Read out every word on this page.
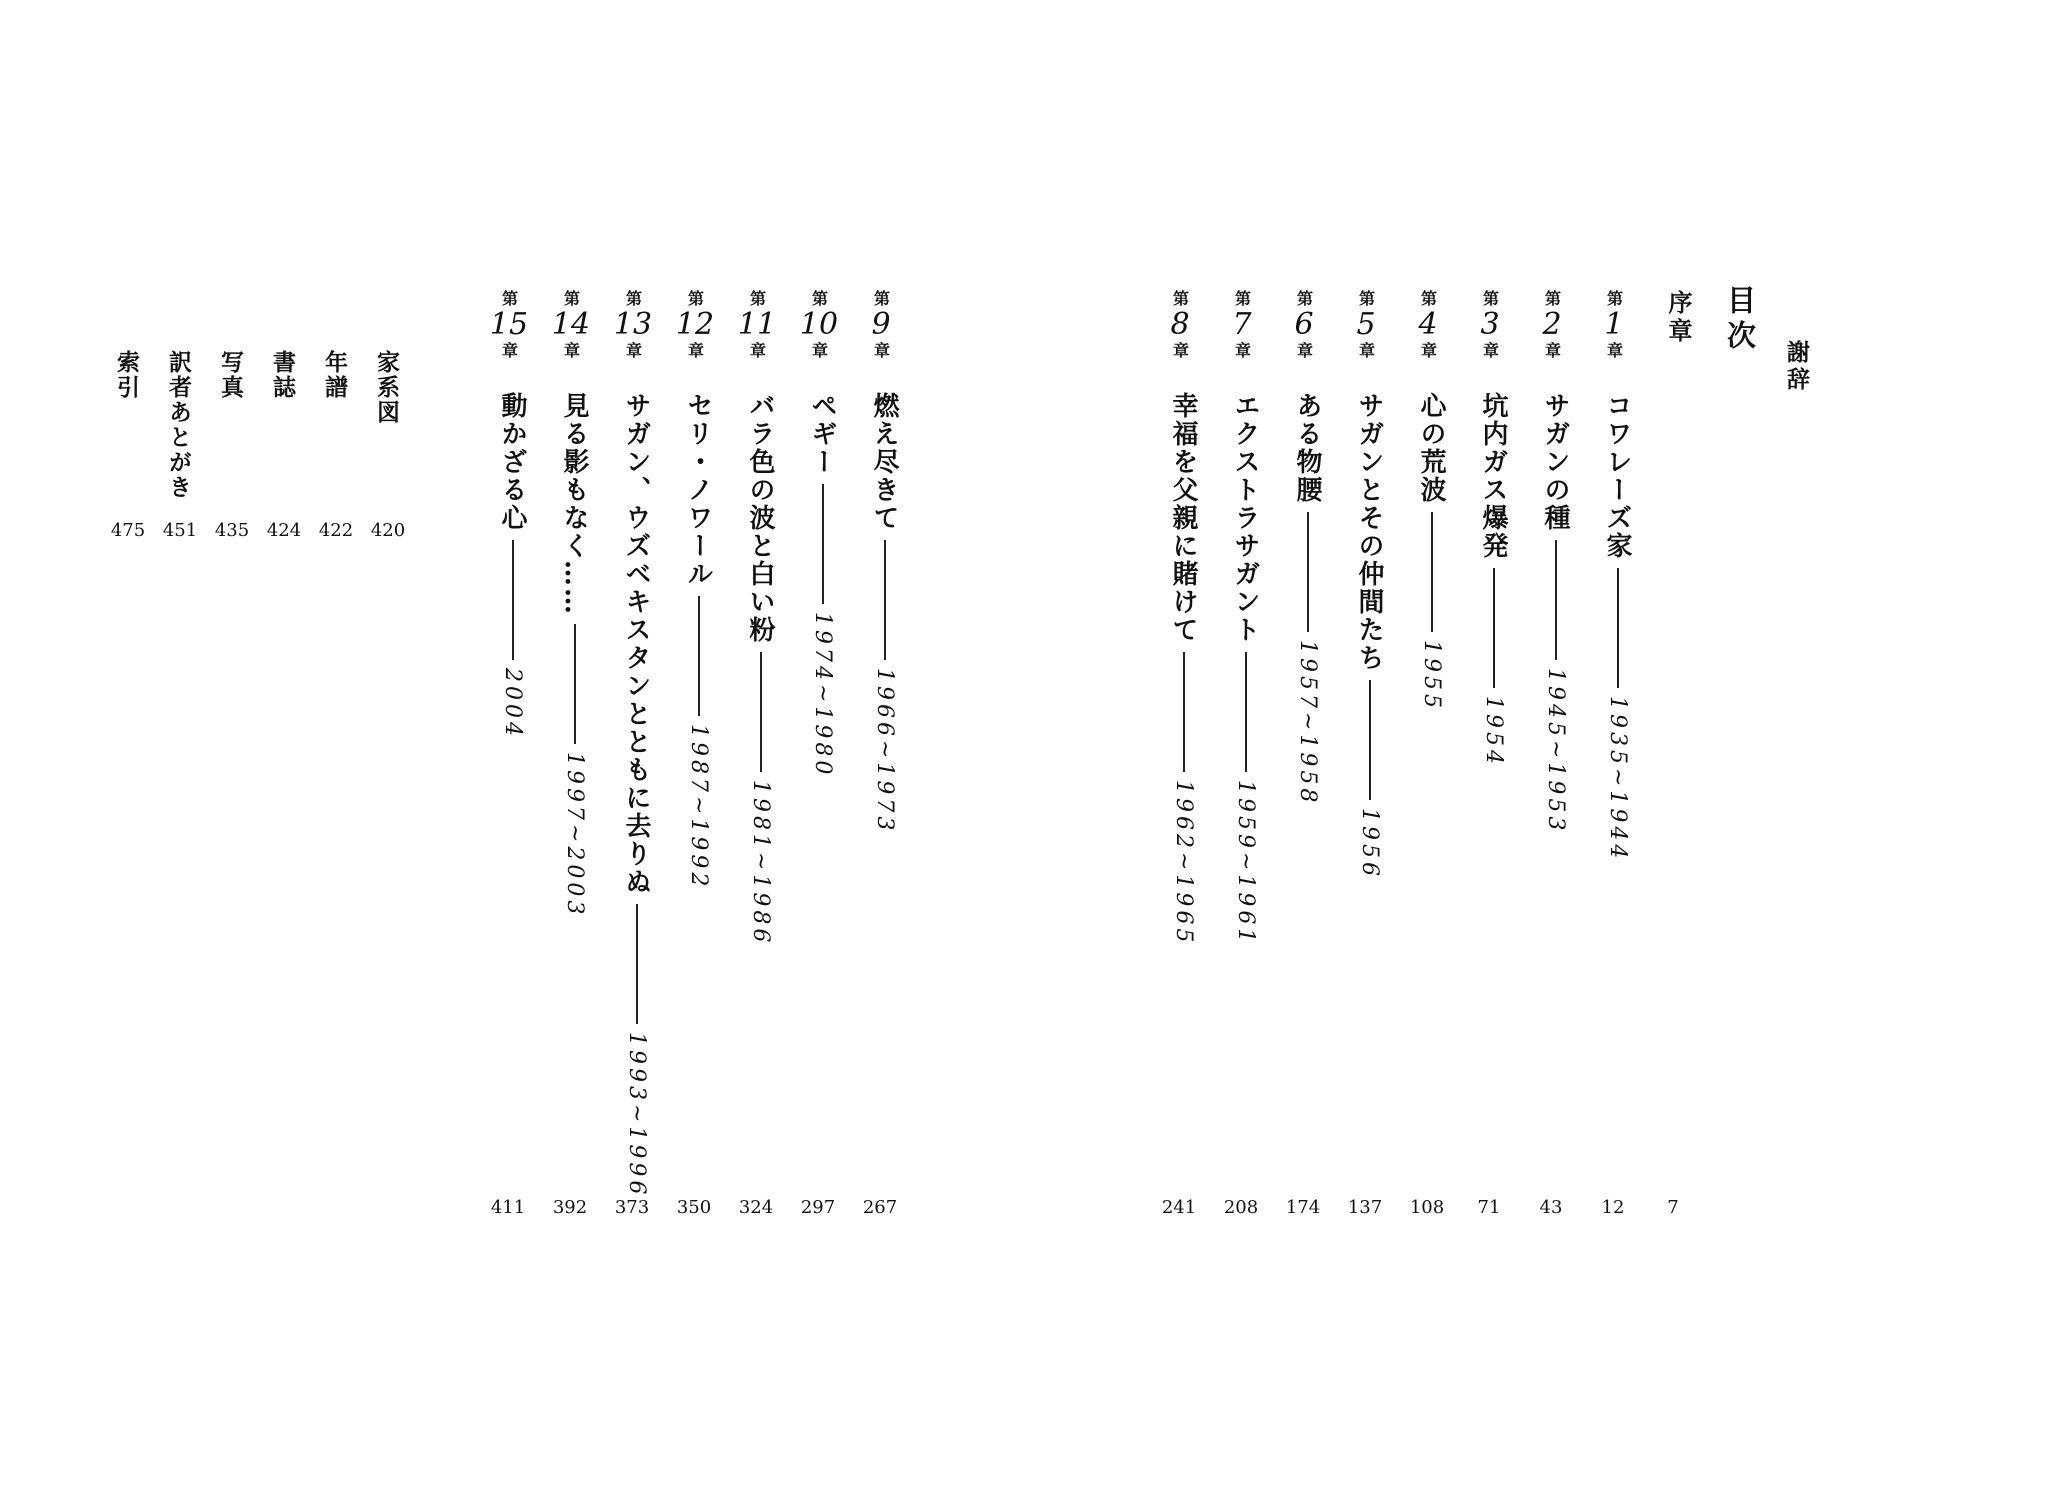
目次
謝辞
序章
7
第
1
章
コワレーズ家
1935~1944
12
第
2
章
サガンの種
1945~1953
43
第
3
章
坑内ガス爆発
1954
71
第
4
章
心の荒波
1955
108
第
5
章
サガンとその仲間たち
1956
137
第
6
章
ある物腰
1957~1958
174
第
7
章
エクストラサガント
1959~1961
208
第
8
章
幸福を父親に賭けて
1962~1965
241
第
9
章
燃え尽きて
1966~1973
267
第
10
章
ペギー
1974~1980
297
第
11
章
バラ色の波と白い粉
1981~1986
324
第
12
章
セリ・ノワール
1987~1992
350
第
13
章
サガン、ウズベキスタンとともに去りぬ
1993~1996
373
第
14
章
見る影もなく……
1997~2003
392
第
15
章
動かざる心
2004
411
家系図
420
年譜
422
書誌
424
写真
435
訳者あとがき
451
索引
475
